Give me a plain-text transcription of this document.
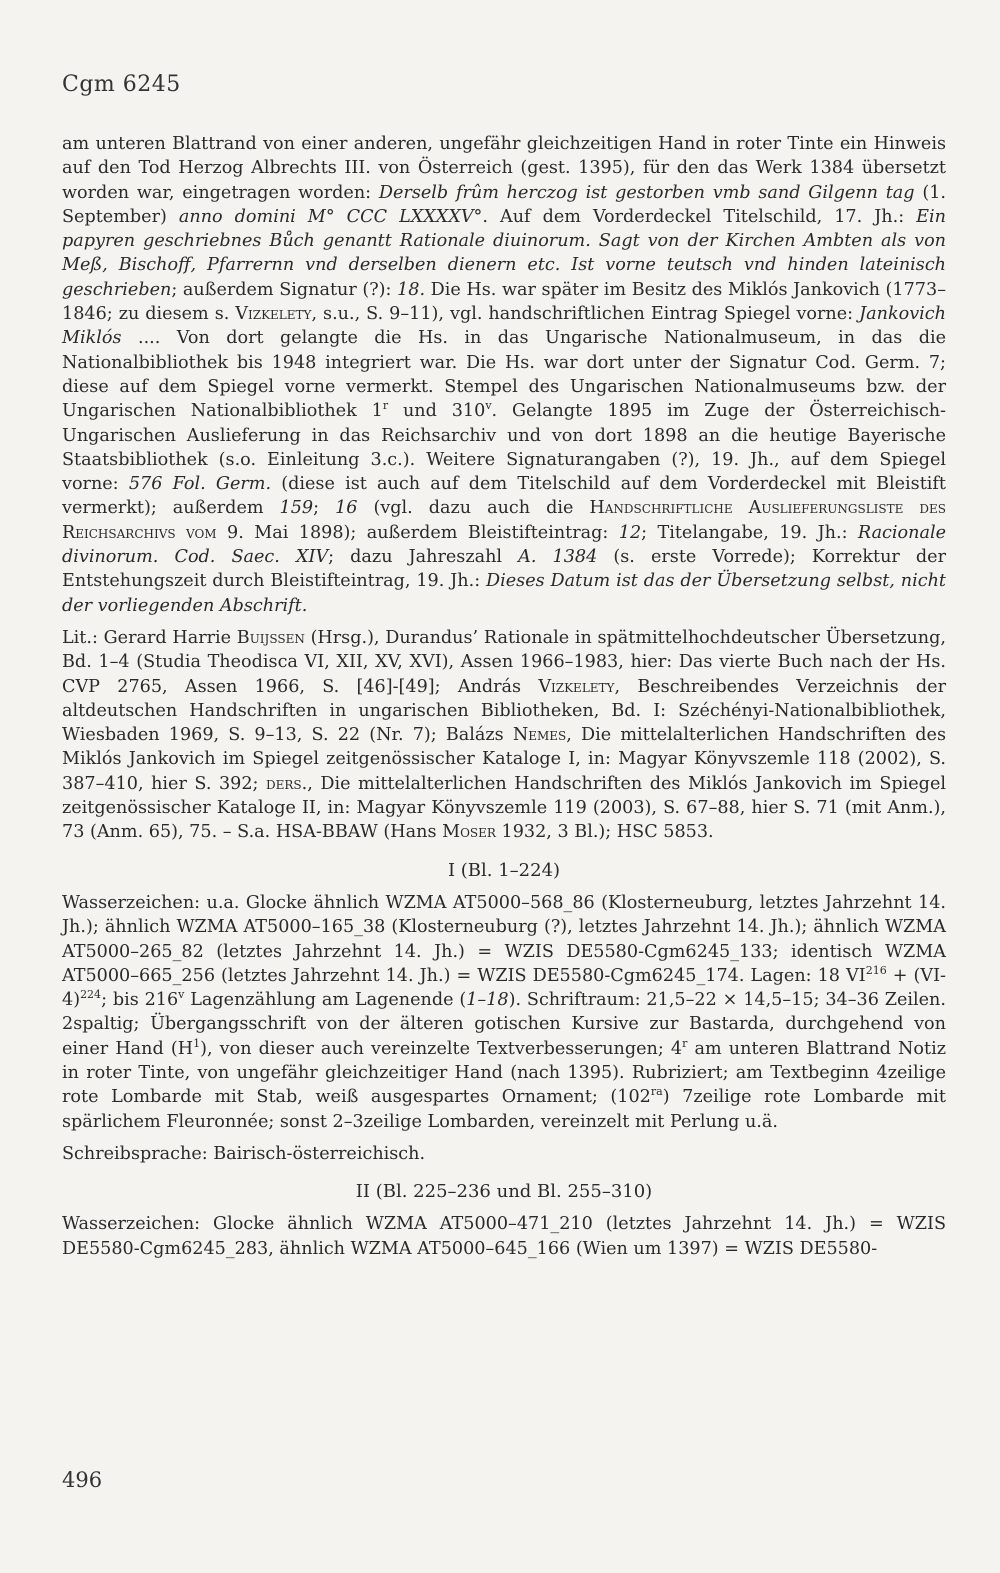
Cgm 6245

am unteren Blattrand von einer anderen, ungefähr gleichzeitigen Hand in roter Tinte ein Hinweis auf den Tod Herzog Albrechts III. von Österreich (gest. 1395), für den das Werk 1384 übersetzt worden war, eingetragen worden: Derselb frûm herczog ist gestorben vmb sand Gilgenn tag (1. September) anno domini M° CCC LXXXXV°. Auf dem Vorderdeckel Titelschild, 17. Jh.: Ein papyren geschriebnes Bůch genantt Rationale diuinorum. Sagt von der Kirchen Ambten als von Meß, Bischoff, Pfarrernn vnd derselben dienern etc. Ist vorne teutsch vnd hinden lateinisch geschrieben; außerdem Signatur (?): 18. Die Hs. war später im Besitz des Miklós Jankovich (1773–1846; zu diesem s. Vizkelety, s.u., S. 9–11), vgl. handschriftlichen Eintrag Spiegel vorne: Jankovich Miklós .... Von dort gelangte die Hs. in das Ungarische Nationalmuseum, in das die Nationalbibliothek bis 1948 integriert war. Die Hs. war dort unter der Signatur Cod. Germ. 7; diese auf dem Spiegel vorne vermerkt. Stempel des Ungarischen Nationalmuseums bzw. der Ungarischen Nationalbibliothek 1$^r$ und 310$^v$. Gelangte 1895 im Zuge der Österreichisch-Ungarischen Auslieferung in das Reichsarchiv und von dort 1898 an die heutige Bayerische Staatsbibliothek (s.o. Einleitung 3.c.). Weitere Signaturangaben (?), 19. Jh., auf dem Spiegel vorne: 576 Fol. Germ. (diese ist auch auf dem Titelschild auf dem Vorderdeckel mit Bleistift vermerkt); außerdem 159; 16 (vgl. dazu auch die Handschriftliche Auslieferungsliste des Reichsarchivs vom 9. Mai 1898); außerdem Bleistifteintrag: 12; Titelangabe, 19. Jh.: Racionale divinorum. Cod. Saec. XIV; dazu Jahreszahl A. 1384 (s. erste Vorrede); Korrektur der Entstehungszeit durch Bleistifteintrag, 19. Jh.: Dieses Datum ist das der Übersetzung selbst, nicht der vorliegenden Abschrift.

Lit.: Gerard Harrie Buijssen (Hrsg.), Durandus’ Rationale in spätmittelhochdeutscher Übersetzung, Bd. 1–4 (Studia Theodisca VI, XII, XV, XVI), Assen 1966–1983, hier: Das vierte Buch nach der Hs. CVP 2765, Assen 1966, S. [46]-[49]; András Vizkelety, Beschreibendes Verzeichnis der altdeutschen Handschriften in ungarischen Bibliotheken, Bd. I: Széchényi-Nationalbibliothek, Wiesbaden 1969, S. 9–13, S. 22 (Nr. 7); Balázs Nemes, Die mittelalterlichen Handschriften des Miklós Jankovich im Spiegel zeitgenössischer Kataloge I, in: Magyar Könyvszemle 118 (2002), S. 387–410, hier S. 392; ders., Die mittelalterlichen Handschriften des Miklós Jankovich im Spiegel zeitgenössischer Kataloge II, in: Magyar Könyvszemle 119 (2003), S. 67–88, hier S. 71 (mit Anm.), 73 (Anm. 65), 75. – S.a. HSA-BBAW (Hans Moser 1932, 3 Bl.); HSC 5853.

I (Bl. 1–224)

Wasserzeichen: u.a. Glocke ähnlich WZMA AT5000–568_86 (Klosterneuburg, letztes Jahrzehnt 14. Jh.); ähnlich WZMA AT5000–165_38 (Klosterneuburg (?), letztes Jahrzehnt 14. Jh.); ähnlich WZMA AT5000–265_82 (letztes Jahrzehnt 14. Jh.) = WZIS DE5580-Cgm6245_133; identisch WZMA AT5000–665_256 (letztes Jahrzehnt 14. Jh.) = WZIS DE5580-Cgm6245_174. Lagen: 18 $VI^{216} + (VI-4)^{224}$; bis 216$^v$ Lagenzählung am Lagenende (1–18). Schriftraum: 21,5–22 × 14,5–15; 34–36 Zeilen. 2spaltig; Übergangsschrift von der älteren gotischen Kursive zur Bastarda, durchgehend von einer Hand $(H^1)$, von dieser auch vereinzelte Textverbesserungen; 4$^r$ am unteren Blattrand Notiz in roter Tinte, von ungefähr gleichzeitiger Hand (nach 1395). Rubriziert; am Textbeginn 4zeilige rote Lombarde mit Stab, weiß ausgespartes Ornament; $(102^{ra})$ 7zeilige rote Lombarde mit spärlichem Fleuronnée; sonst 2–3zeilige Lombarden, vereinzelt mit Perlung u.ä.

Schreibsprache: Bairisch-österreichisch.

II (Bl. 225–236 und Bl. 255–310)

Wasserzeichen: Glocke ähnlich WZMA AT5000–471_210 (letztes Jahrzehnt 14. Jh.) = WZIS DE5580-Cgm6245_283, ähnlich WZMA AT5000–645_166 (Wien um 1397) = WZIS DE5580-

496
